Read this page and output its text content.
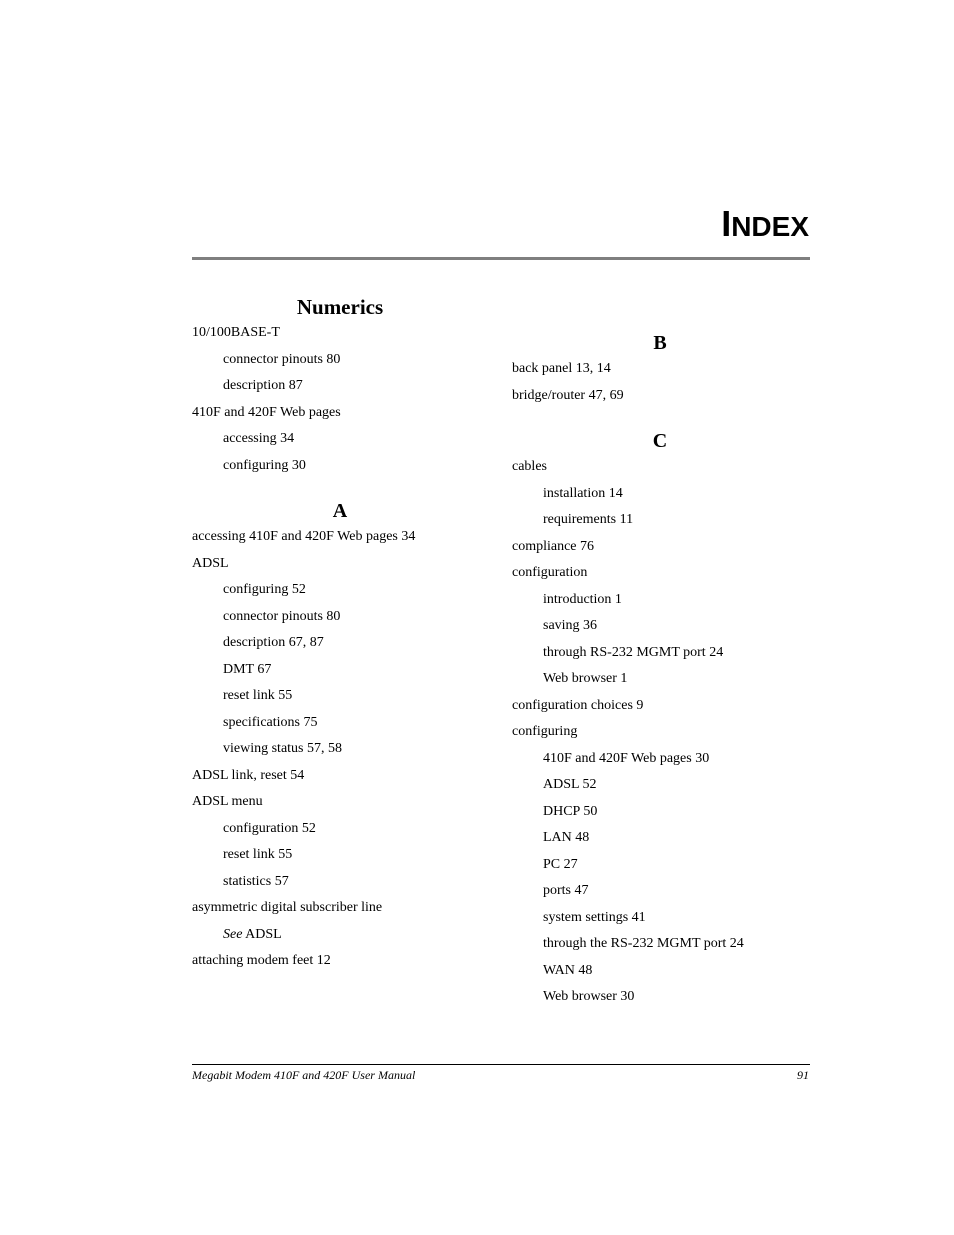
INDEX
Numerics
10/100BASE-T
connector pinouts 80
description 87
410F and 420F Web pages
accessing 34
configuring 30
A
accessing 410F and 420F Web pages 34
ADSL
configuring 52
connector pinouts 80
description 67, 87
DMT 67
reset link 55
specifications 75
viewing status 57, 58
ADSL link, reset 54
ADSL menu
configuration 52
reset link 55
statistics 57
asymmetric digital subscriber line
See ADSL
attaching modem feet 12
B
back panel 13, 14
bridge/router 47, 69
C
cables
installation 14
requirements 11
compliance 76
configuration
introduction 1
saving 36
through RS-232 MGMT port 24
Web browser 1
configuration choices 9
configuring
410F and 420F Web pages 30
ADSL 52
DHCP 50
LAN 48
PC 27
ports 47
system settings 41
through the RS-232 MGMT port 24
WAN 48
Web browser 30
Megabit Modem 410F and 420F User Manual	91
